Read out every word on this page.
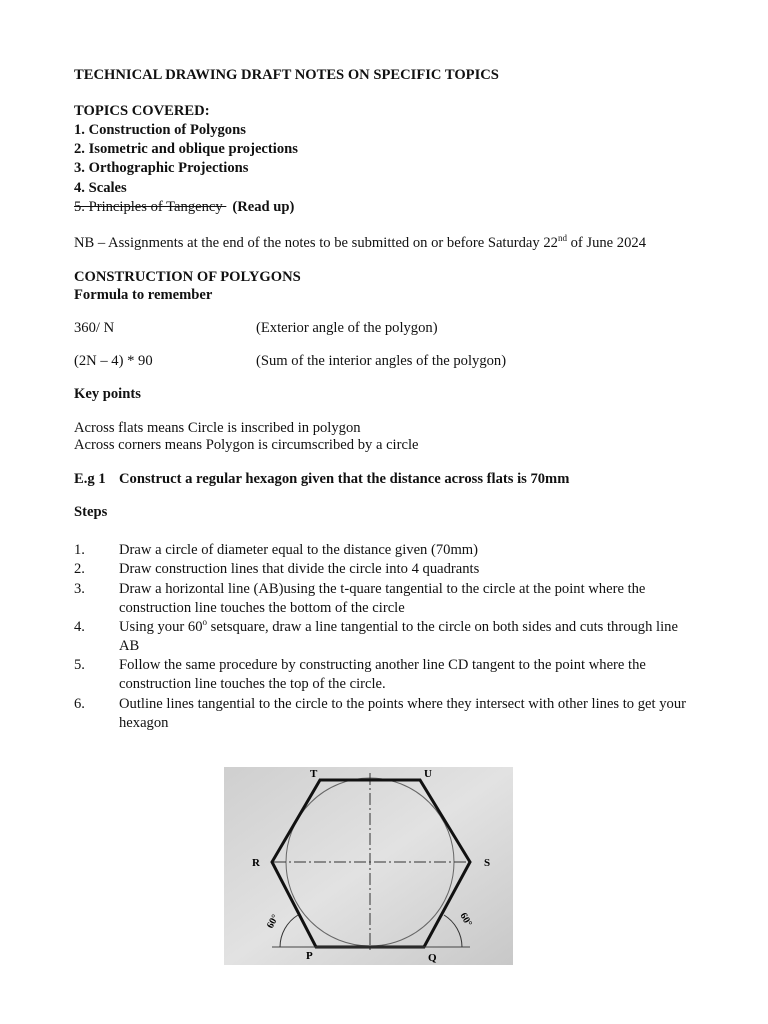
TECHNICAL DRAWING DRAFT NOTES ON SPECIFIC TOPICS
TOPICS COVERED:
1. Construction of Polygons
2. Isometric and oblique projections
3. Orthographic Projections
4. Scales
5. Principles of Tangency (Read up)
NB – Assignments at the end of the notes to be submitted on or before Saturday 22nd of June 2024
CONSTRUCTION OF POLYGONS
Formula to remember
360/ N	(Exterior angle of the polygon)
(2N – 4) * 90	(Sum of the interior angles of the polygon)
Key points
Across flats means Circle is inscribed in polygon
Across corners means Polygon is circumscribed by a circle
E.g 1 Construct a regular hexagon given that the distance across flats is 70mm
Steps
1. Draw a circle of diameter equal to the distance given (70mm)
2. Draw construction lines that divide the circle into 4 quadrants
3. Draw a horizontal line (AB)using the t-quare tangential to the circle at the point where the construction line touches the bottom of the circle
4. Using your 60$^o$ setsquare, draw a line tangential to the circle on both sides and cuts through line AB
5. Follow the same procedure by constructing another line CD tangent to the point where the construction line touches the top of the circle.
6. Outline lines tangential to the circle to the points where they intersect with other lines to get your hexagon
T	U
R	S
P	Q
60°	60°
